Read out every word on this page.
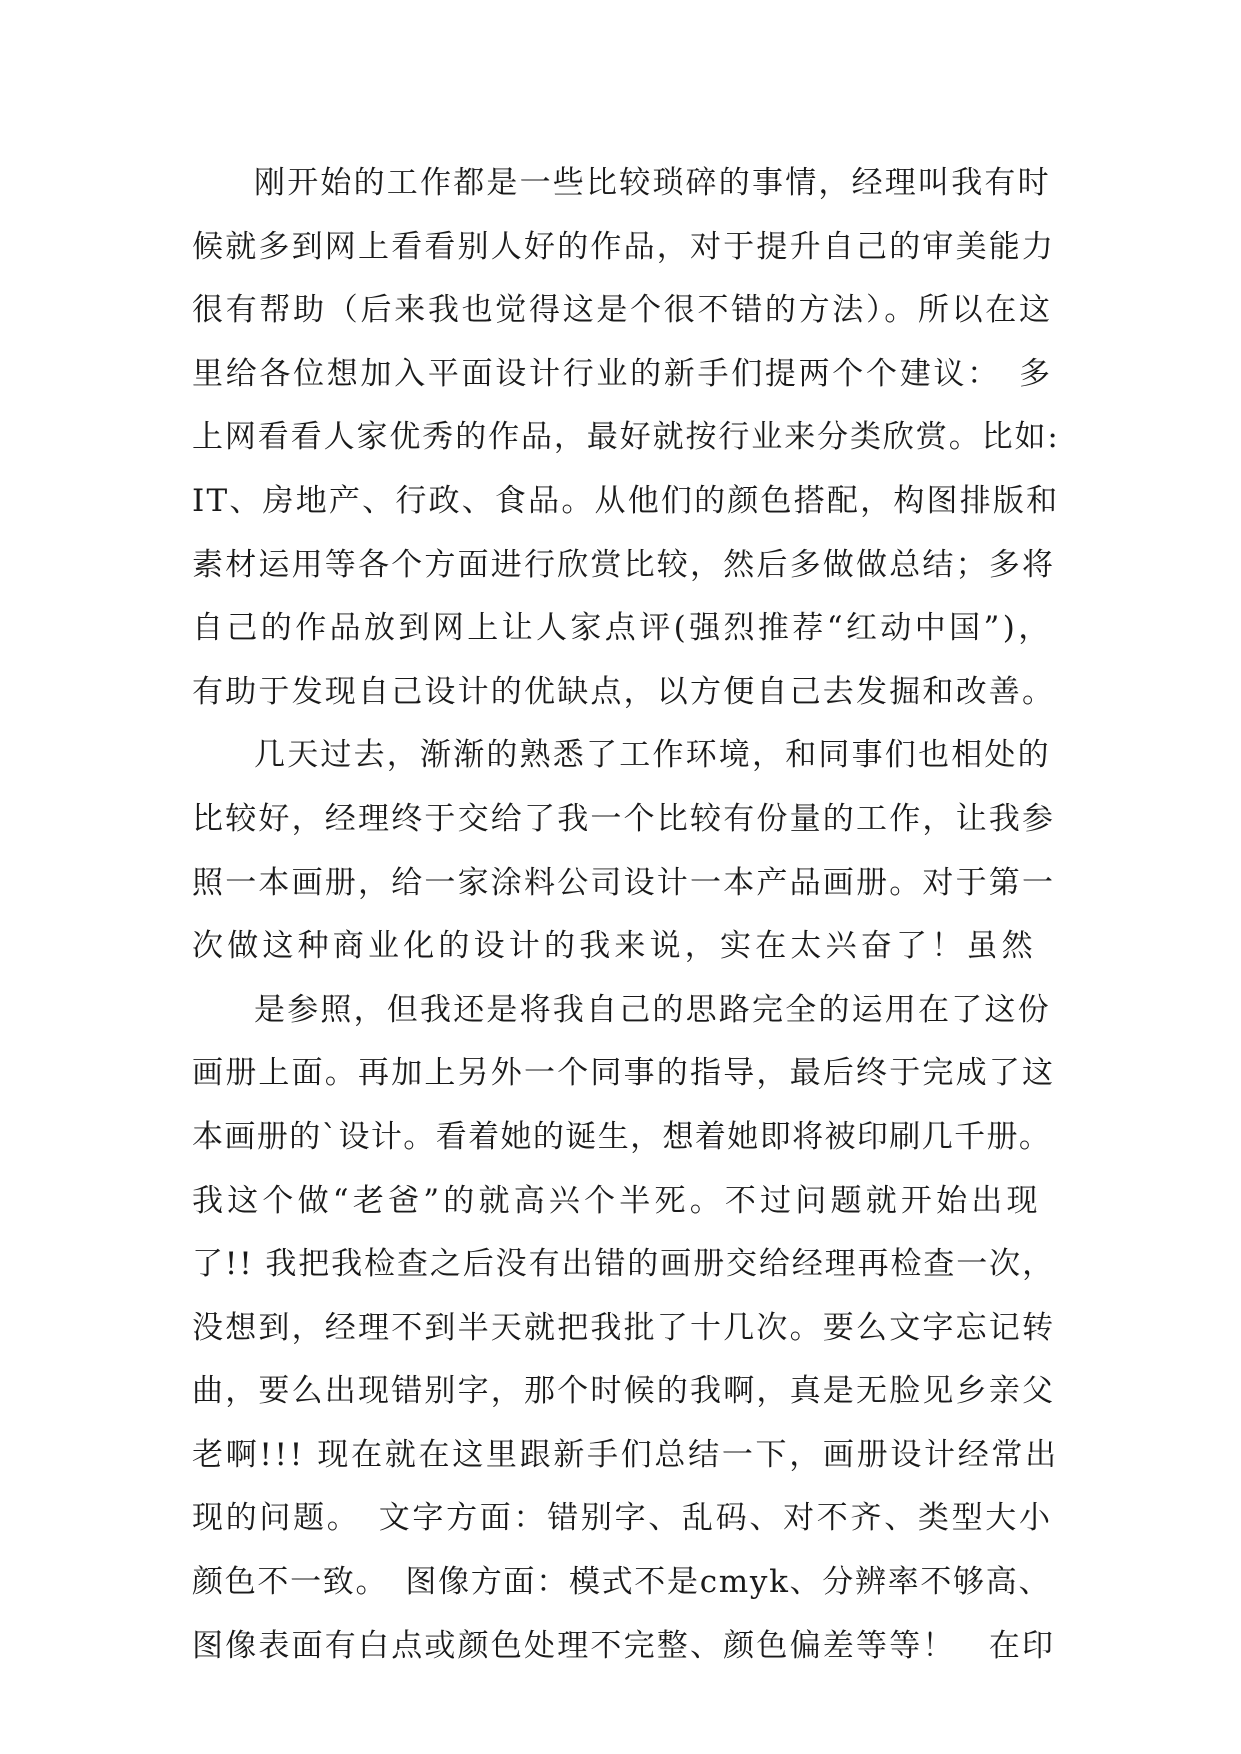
刚开始的工作都是一些比较琐碎的事情，经理叫我有时
候就多到网上看看别人好的作品，对于提升自己的审美能力
很有帮助（后来我也觉得这是个很不错的方法）。所以在这
里给各位想加入平面设计行业的新手们提两个个建议：　多
上网看看人家优秀的作品，最好就按行业来分类欣赏。比如:
IT、房地产、行政、食品。从他们的颜色搭配，构图排版和
素材运用等各个方面进行欣赏比较，然后多做做总结；多将
自己的作品放到网上让人家点评(强烈推荐“红动中国”)，
有助于发现自己设计的优缺点，以方便自己去发掘和改善。
几天过去，渐渐的熟悉了工作环境，和同事们也相处的
比较好，经理终于交给了我一个比较有份量的工作，让我参
照一本画册，给一家涂料公司设计一本产品画册。对于第一
次做这种商业化的设计的我来说，实在太兴奋了！虽然
是参照，但我还是将我自己的思路完全的运用在了这份
画册上面。再加上另外一个同事的指导，最后终于完成了这
本画册的`设计。看着她的诞生，想着她即将被印刷几千册。
我这个做“老爸”的就高兴个半死。不过问题就开始出现
了!! 我把我检查之后没有出错的画册交给经理再检查一次，
没想到，经理不到半天就把我批了十几次。要么文字忘记转
曲，要么出现错别字，那个时候的我啊，真是无脸见乡亲父
老啊!!! 现在就在这里跟新手们总结一下，画册设计经常出
现的问题。　文字方面：错别字、乱码、对不齐、类型大小
颜色不一致。　图像方面：模式不是cmyk、分辨率不够高、
图像表面有白点或颜色处理不完整、颜色偏差等等！　在印
